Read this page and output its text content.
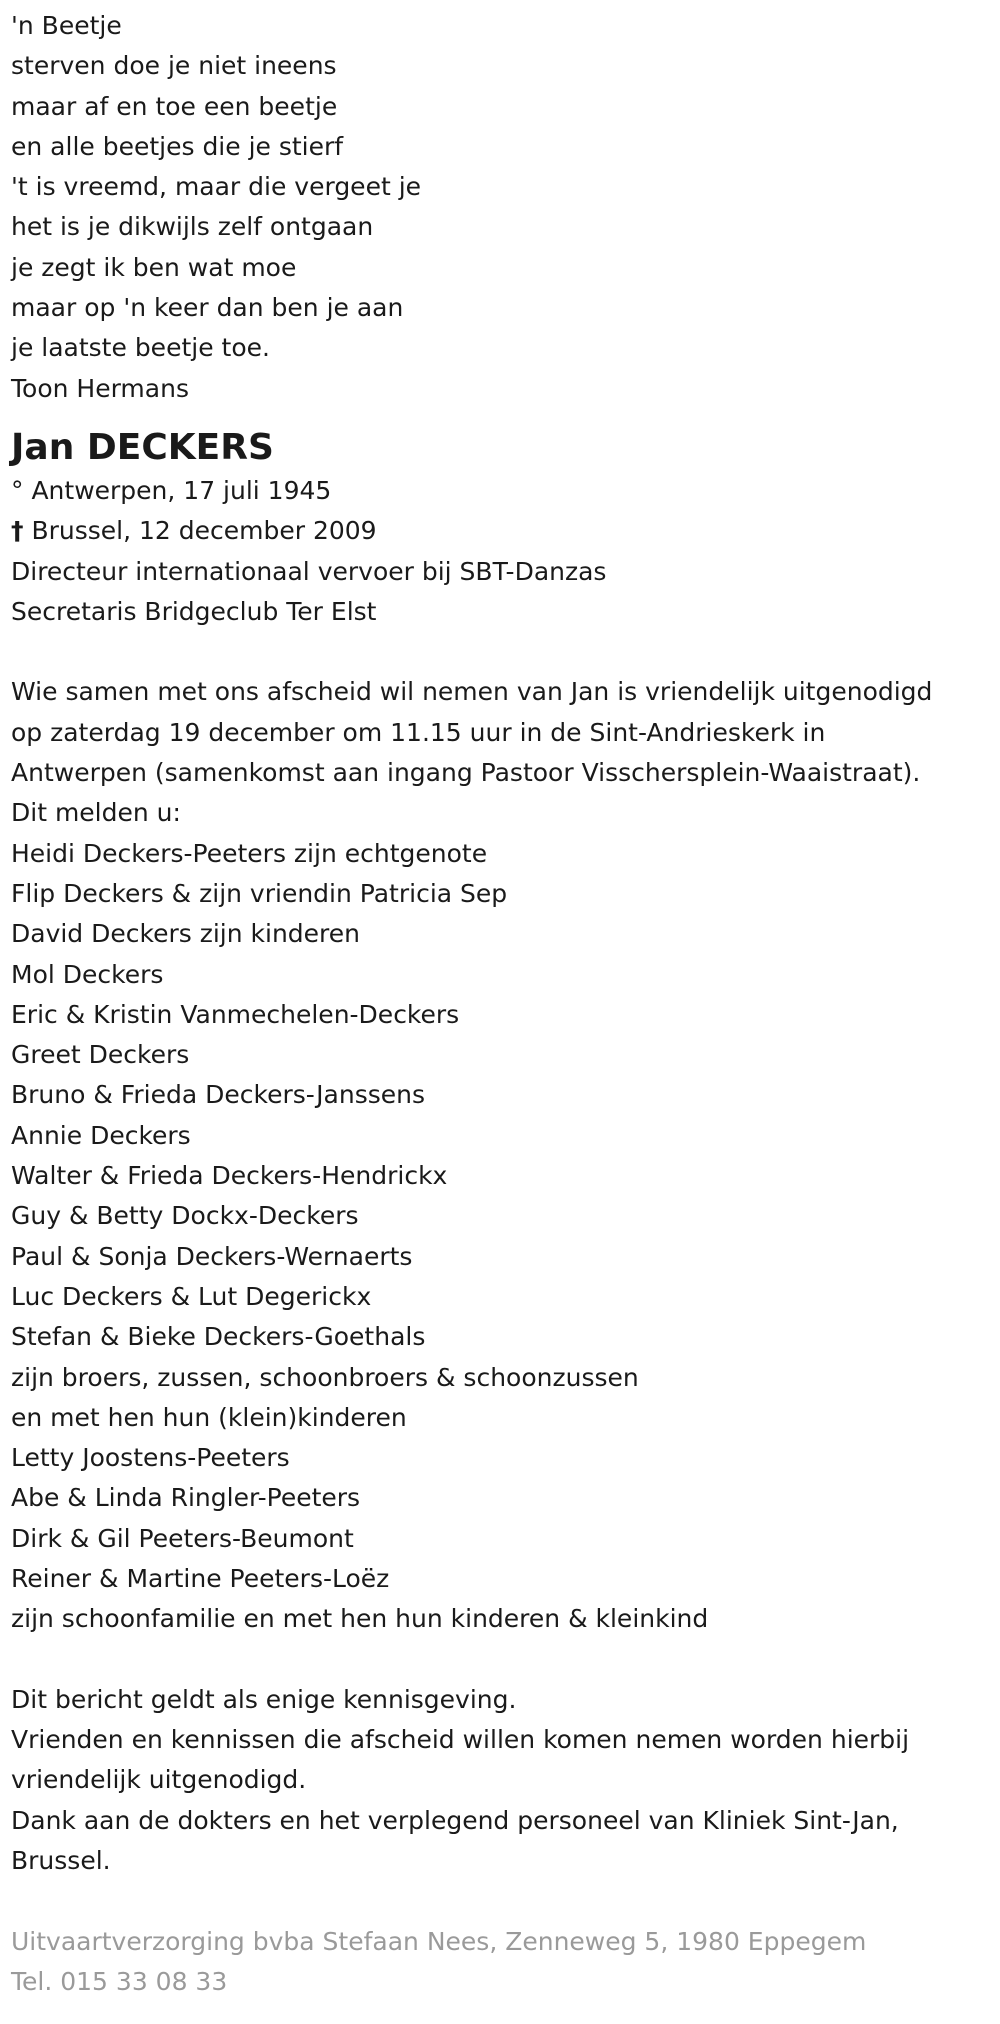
'n Beetje

sterven doe je niet ineens

maar af en toe een beetje

en alle beetjes die je stierf

't is vreemd, maar die vergeet je

het is je dikwijls zelf ontgaan

je zegt ik ben wat moe

maar op 'n keer dan ben je aan

je laatste beetje toe.

Toon Hermans

Jan DECKERS

° Antwerpen, 17 juli 1945

† Brussel, 12 december 2009

Directeur internationaal vervoer bij SBT-Danzas

Secretaris Bridgeclub Ter Elst

Wie samen met ons afscheid wil nemen van Jan is vriendelijk uitgenodigd

op zaterdag 19 december om 11.15 uur in de Sint-Andrieskerk in

Antwerpen (samenkomst aan ingang Pastoor Visschersplein-Waaistraat).

Dit melden u:

Heidi Deckers-Peeters zijn echtgenote

Flip Deckers & zijn vriendin Patricia Sep

David Deckers zijn kinderen

Mol Deckers

Eric & Kristin Vanmechelen-Deckers

Greet Deckers

Bruno & Frieda Deckers-Janssens

Annie Deckers

Walter & Frieda Deckers-Hendrickx

Guy & Betty Dockx-Deckers

Paul & Sonja Deckers-Wernaerts

Luc Deckers & Lut Degerickx

Stefan & Bieke Deckers-Goethals

zijn broers, zussen, schoonbroers & schoonzussen

en met hen hun (klein)kinderen

Letty Joostens-Peeters

Abe & Linda Ringler-Peeters

Dirk & Gil Peeters-Beumont

Reiner & Martine Peeters-Loëz

zijn schoonfamilie en met hen hun kinderen & kleinkind

Dit bericht geldt als enige kennisgeving.

Vrienden en kennissen die afscheid willen komen nemen worden hierbij

vriendelijk uitgenodigd.

Dank aan de dokters en het verplegend personeel van Kliniek Sint-Jan,

Brussel.

Uitvaartverzorging bvba Stefaan Nees, Zenneweg 5, 1980 Eppegem

Tel. 015 33 08 33
